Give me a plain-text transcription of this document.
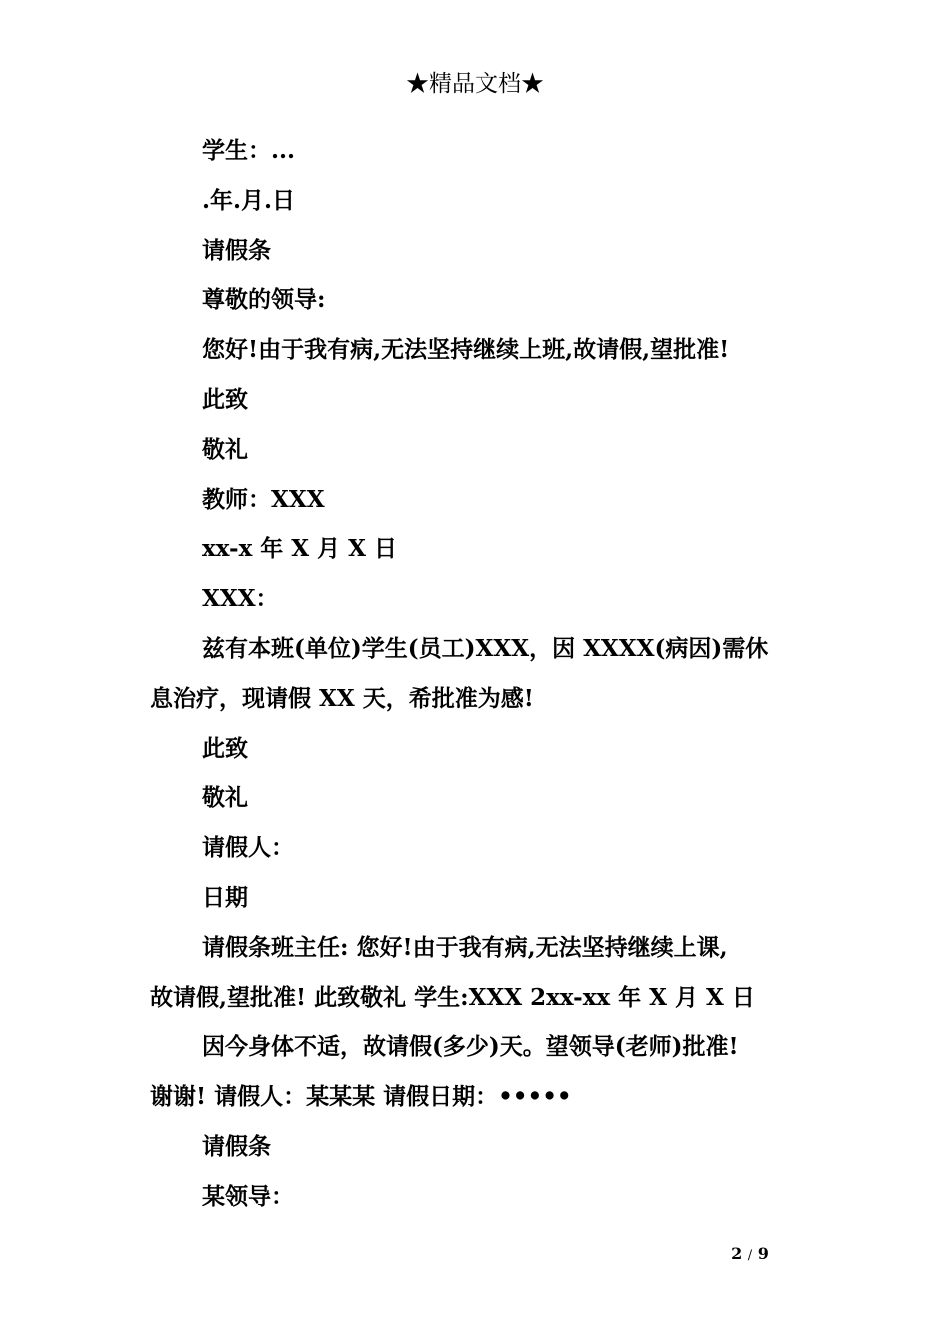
★精品文档★
学生：...
.年.月.日
请假条
尊敬的领导:
您好!由于我有病,无法坚持继续上班,故请假,望批准!
此致
敬礼
教师：XXX
xx-x 年 X 月 X 日
XXX：
兹有本班(单位)学生(员工)XXX，因 XXXX(病因)需休
息治疗，现请假 XX 天，希批准为感!
此致
敬礼
请假人：
日期
请假条班主任: 您好!由于我有病,无法坚持继续上课,
故请假,望批准! 此致敬礼 学生:XXX 2xx-xx 年 X 月 X 日
因今身体不适，故请假(多少)天。望领导(老师)批准!
谢谢! 请假人：某某某 请假日期：•••••
请假条
某领导：
2 / 9
